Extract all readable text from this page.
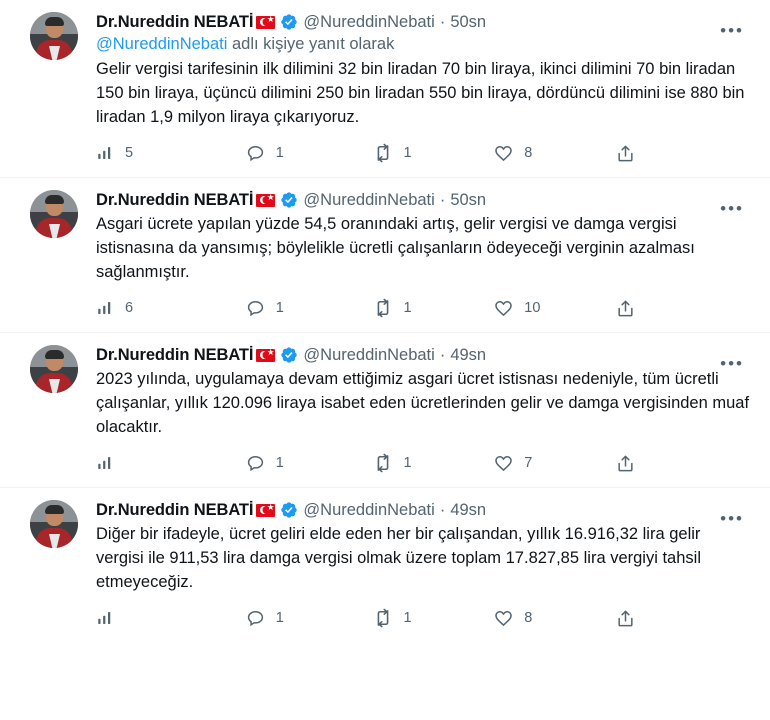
Dr.Nureddin NEBATİ ★	@NureddinNebati · 50sn
@NureddinNebati adlı kişiye yanıt olarak
Gelir vergisi tarifesinin ilk dilimini 32 bin liradan 70 bin liraya, ikinci dilimini 70 bin liradan 150 bin liraya, üçüncü dilimini 250 bin liradan 550 bin liraya, dördüncü dilimini ise 880 bin liradan 1,9 milyon liraya çıkarıyoruz.
5	1	1	8
•••
Dr.Nureddin NEBATİ ★	@NureddinNebati · 50sn
Asgari ücrete yapılan yüzde 54,5 oranındaki artış, gelir vergisi ve damga vergisi istisnasına da yansımış; böylelikle ücretli çalışanların ödeyeceği verginin azalması sağlanmıştır.
6	1	1	10
•••
Dr.Nureddin NEBATİ ★	@NureddinNebati · 49sn
2023 yılında, uygulamaya devam ettiğimiz asgari ücret istisnası nedeniyle, tüm ücretli çalışanlar, yıllık 120.096 liraya isabet eden ücretlerinden gelir ve damga vergisinden muaf olacaktır.
1	1	7
•••
Dr.Nureddin NEBATİ ★	@NureddinNebati · 49sn
Diğer bir ifadeyle, ücret geliri elde eden her bir çalışandan, yıllık 16.916,32 lira gelir vergisi ile 911,53 lira damga vergisi olmak üzere toplam 17.827,85 lira vergiyi tahsil etmeyeceğiz.
1	1	8
•••
